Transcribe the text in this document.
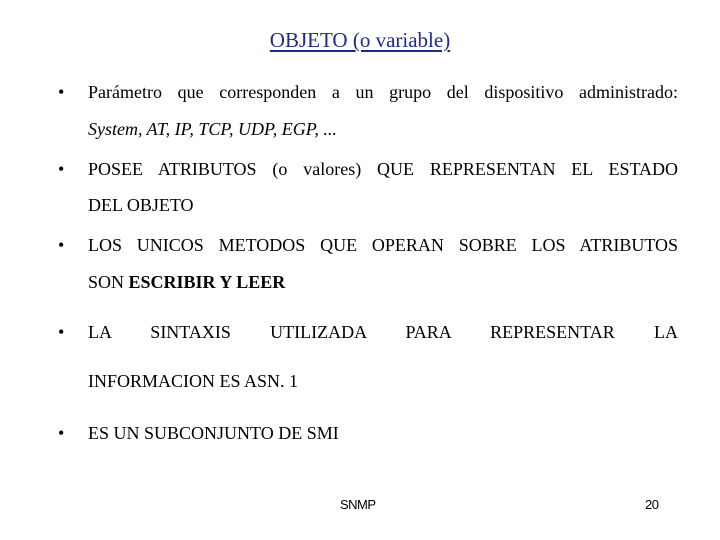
OBJETO (o variable)
• Parámetro que corresponden a un grupo del dispositivo administrado:
System, AT, IP, TCP, UDP, EGP, ...
• POSEE ATRIBUTOS (o valores) QUE REPRESENTAN EL ESTADO
DEL OBJETO
• LOS UNICOS METODOS QUE OPERAN SOBRE LOS ATRIBUTOS
SON ESCRIBIR Y LEER
• LA SINTAXIS UTILIZADA PARA REPRESENTAR LA
INFORMACION ES ASN. 1
• ES UN SUBCONJUNTO DE SMI
SNMP	20
